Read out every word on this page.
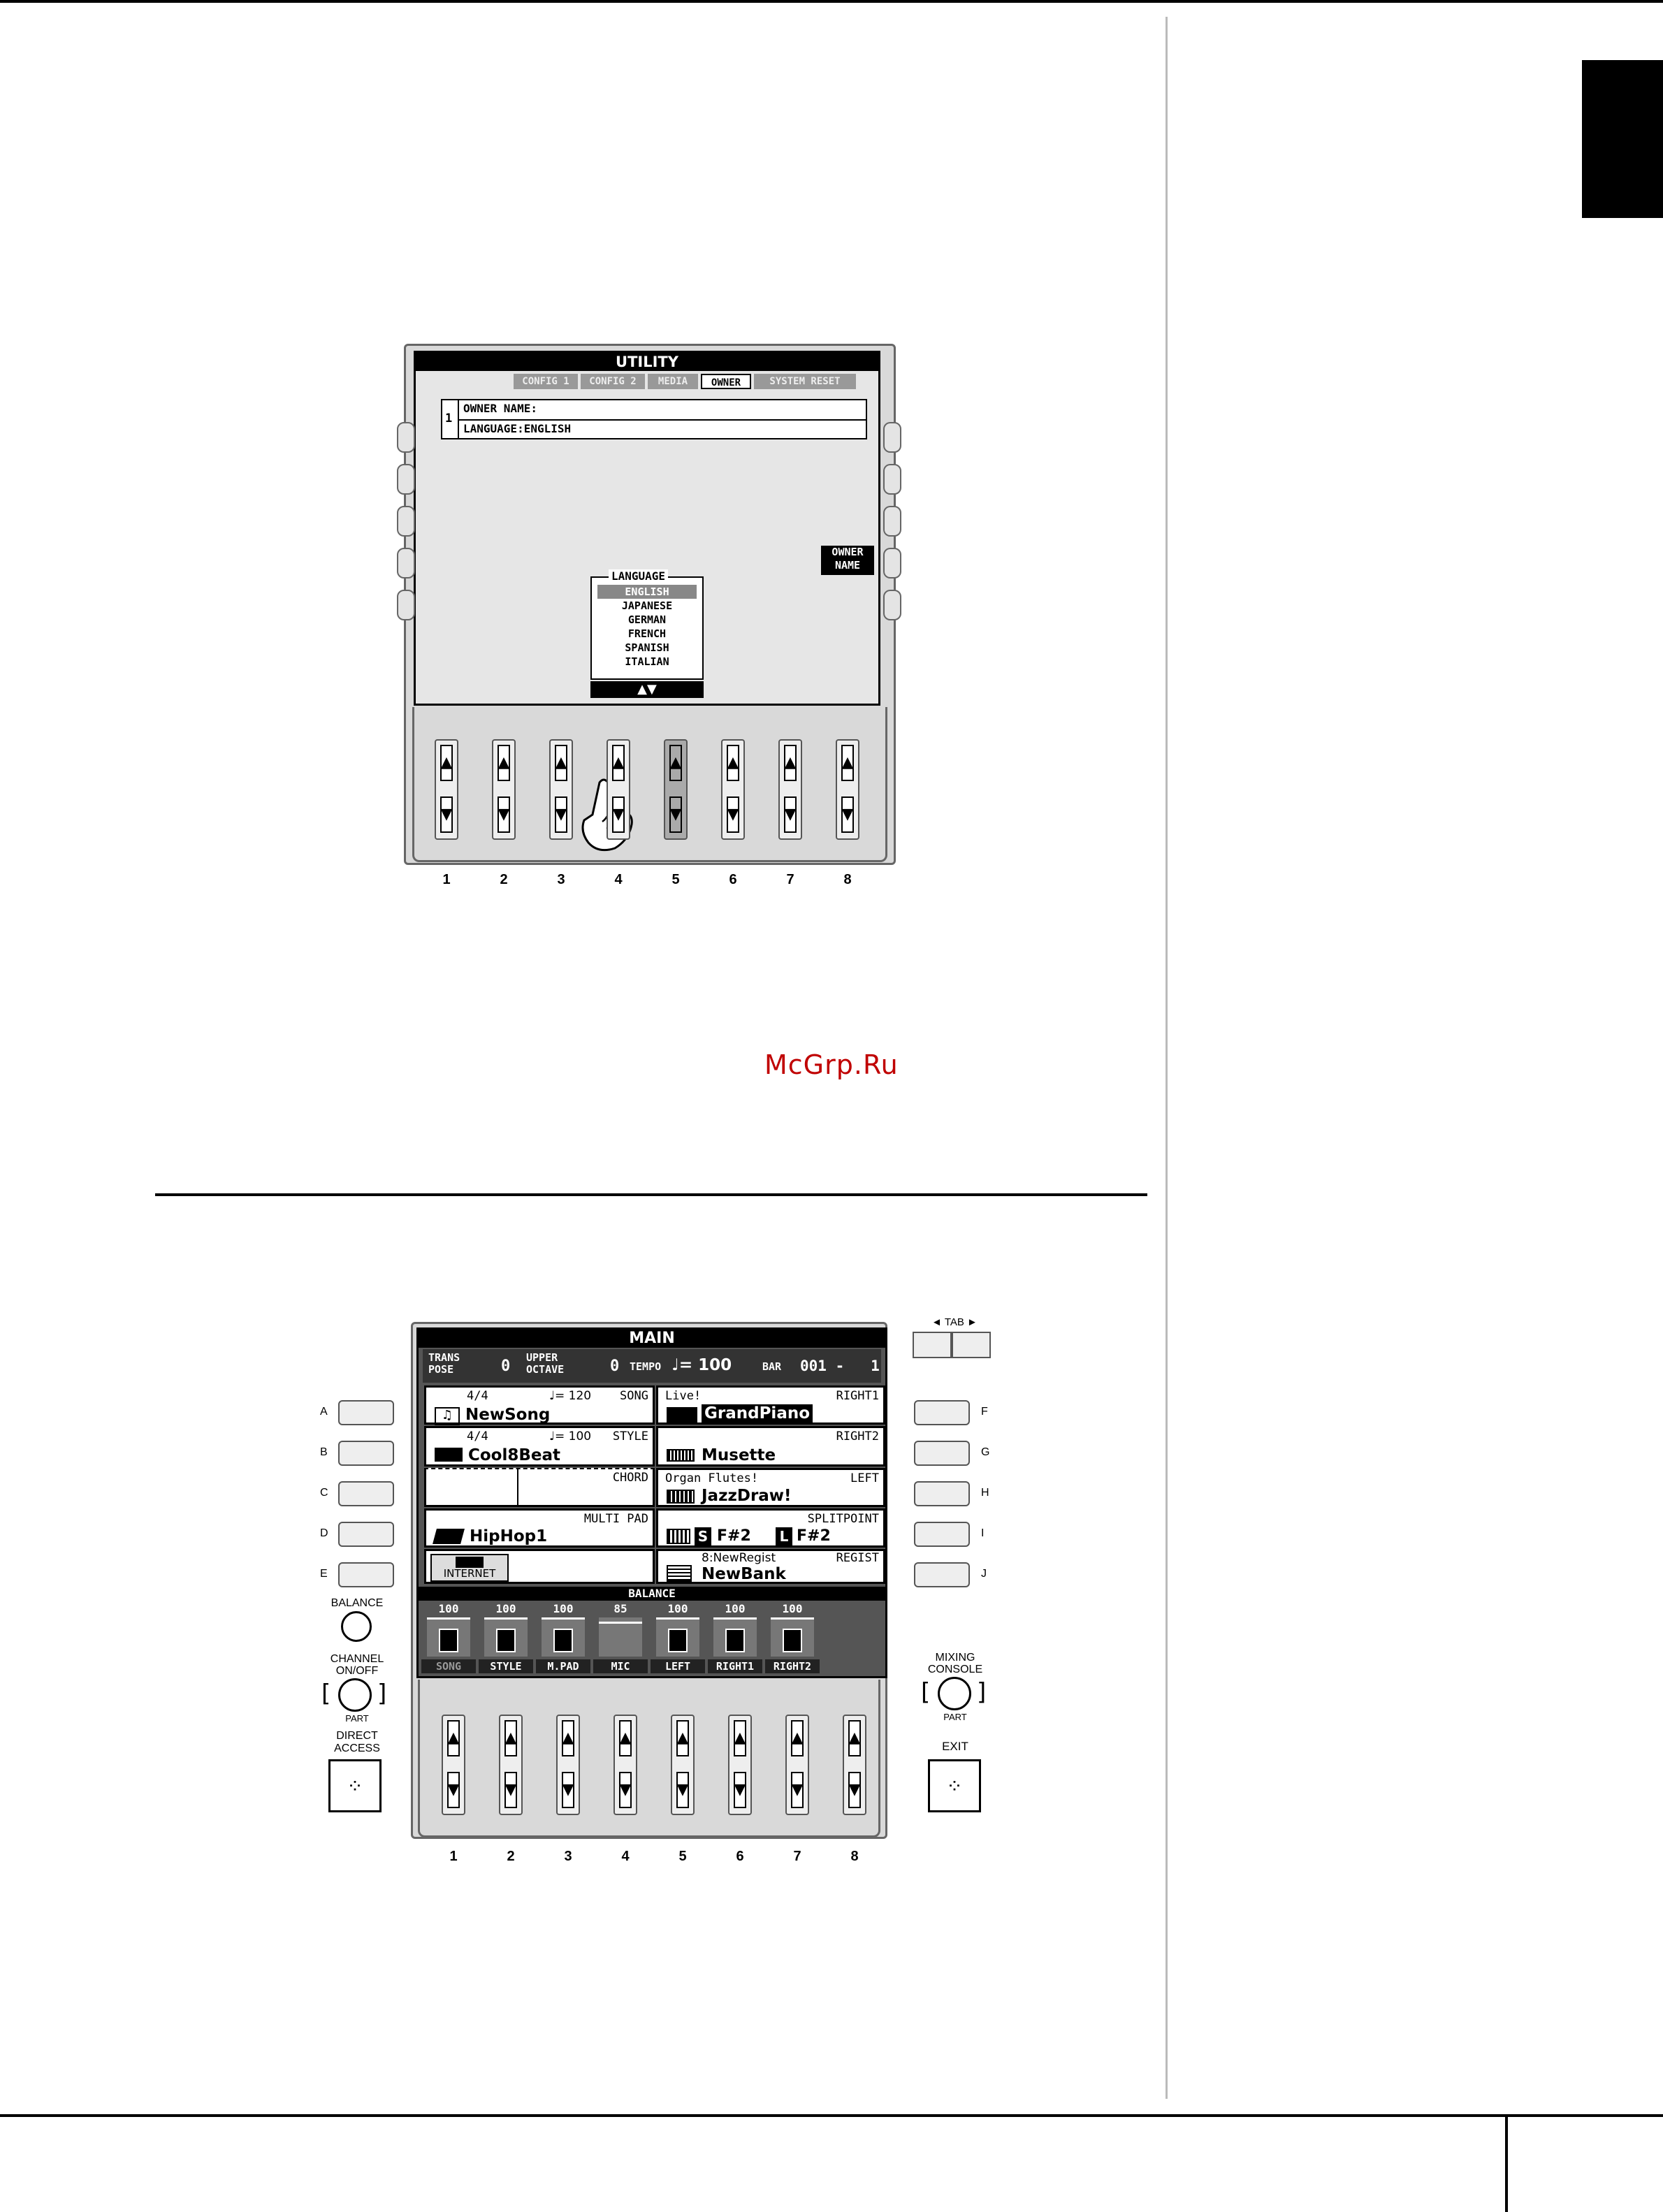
McGrp.Ru
UTILITY
CONFIG 1	CONFIG 2	MEDIA	OWNER	SYSTEM RESET
1
OWNER NAME:
LANGUAGE:ENGLISH
OWNER
NAME
LANGUAGE
ENGLISH
JAPANESE
GERMAN
FRENCH
SPANISH
ITALIAN
▲▼
MAIN
TRANS
POSE	0 UPPER
OCTAVE	0 TEMPO ♩= 100	BAR 001 -   1
4/4	♩= 120 SONG
♫ NewSong
4/4	♩= 100 STYLE
Cool8Beat
CHORD
MULTI PAD
HipHop1
INTERNET
Live!	RIGHT1
GrandPiano
RIGHT2
Musette
Organ Flutes!	LEFT
JazzDraw!
SPLITPOINT
S F#2 L F#2
8:NewRegist	REGIST
NewBank
BALANCE
100
SONG
100
STYLE
100
M.PAD
85
MIC
100
LEFT
100
RIGHT1
100
RIGHT2
◄ TAB ►
BALANCE
CHANNEL
ON/OFF
[ ]
PART
DIRECT
ACCESS
⁘
MIXING
CONSOLE
[ ]
PART
EXIT
⁘
▲
▼
1
▲
▼
2
▲
▼
3
▲
▼
4
▲
▼
5
▲
▼
6
▲
▼
7
▲
▼
8
▲
▼
1
▲
▼
2
▲
▼
3
▲
▼
4
▲
▼
5
▲
▼
6
▲
▼
7
▲
▼
8
A	F
B	G
C	H
D	I
E	J
